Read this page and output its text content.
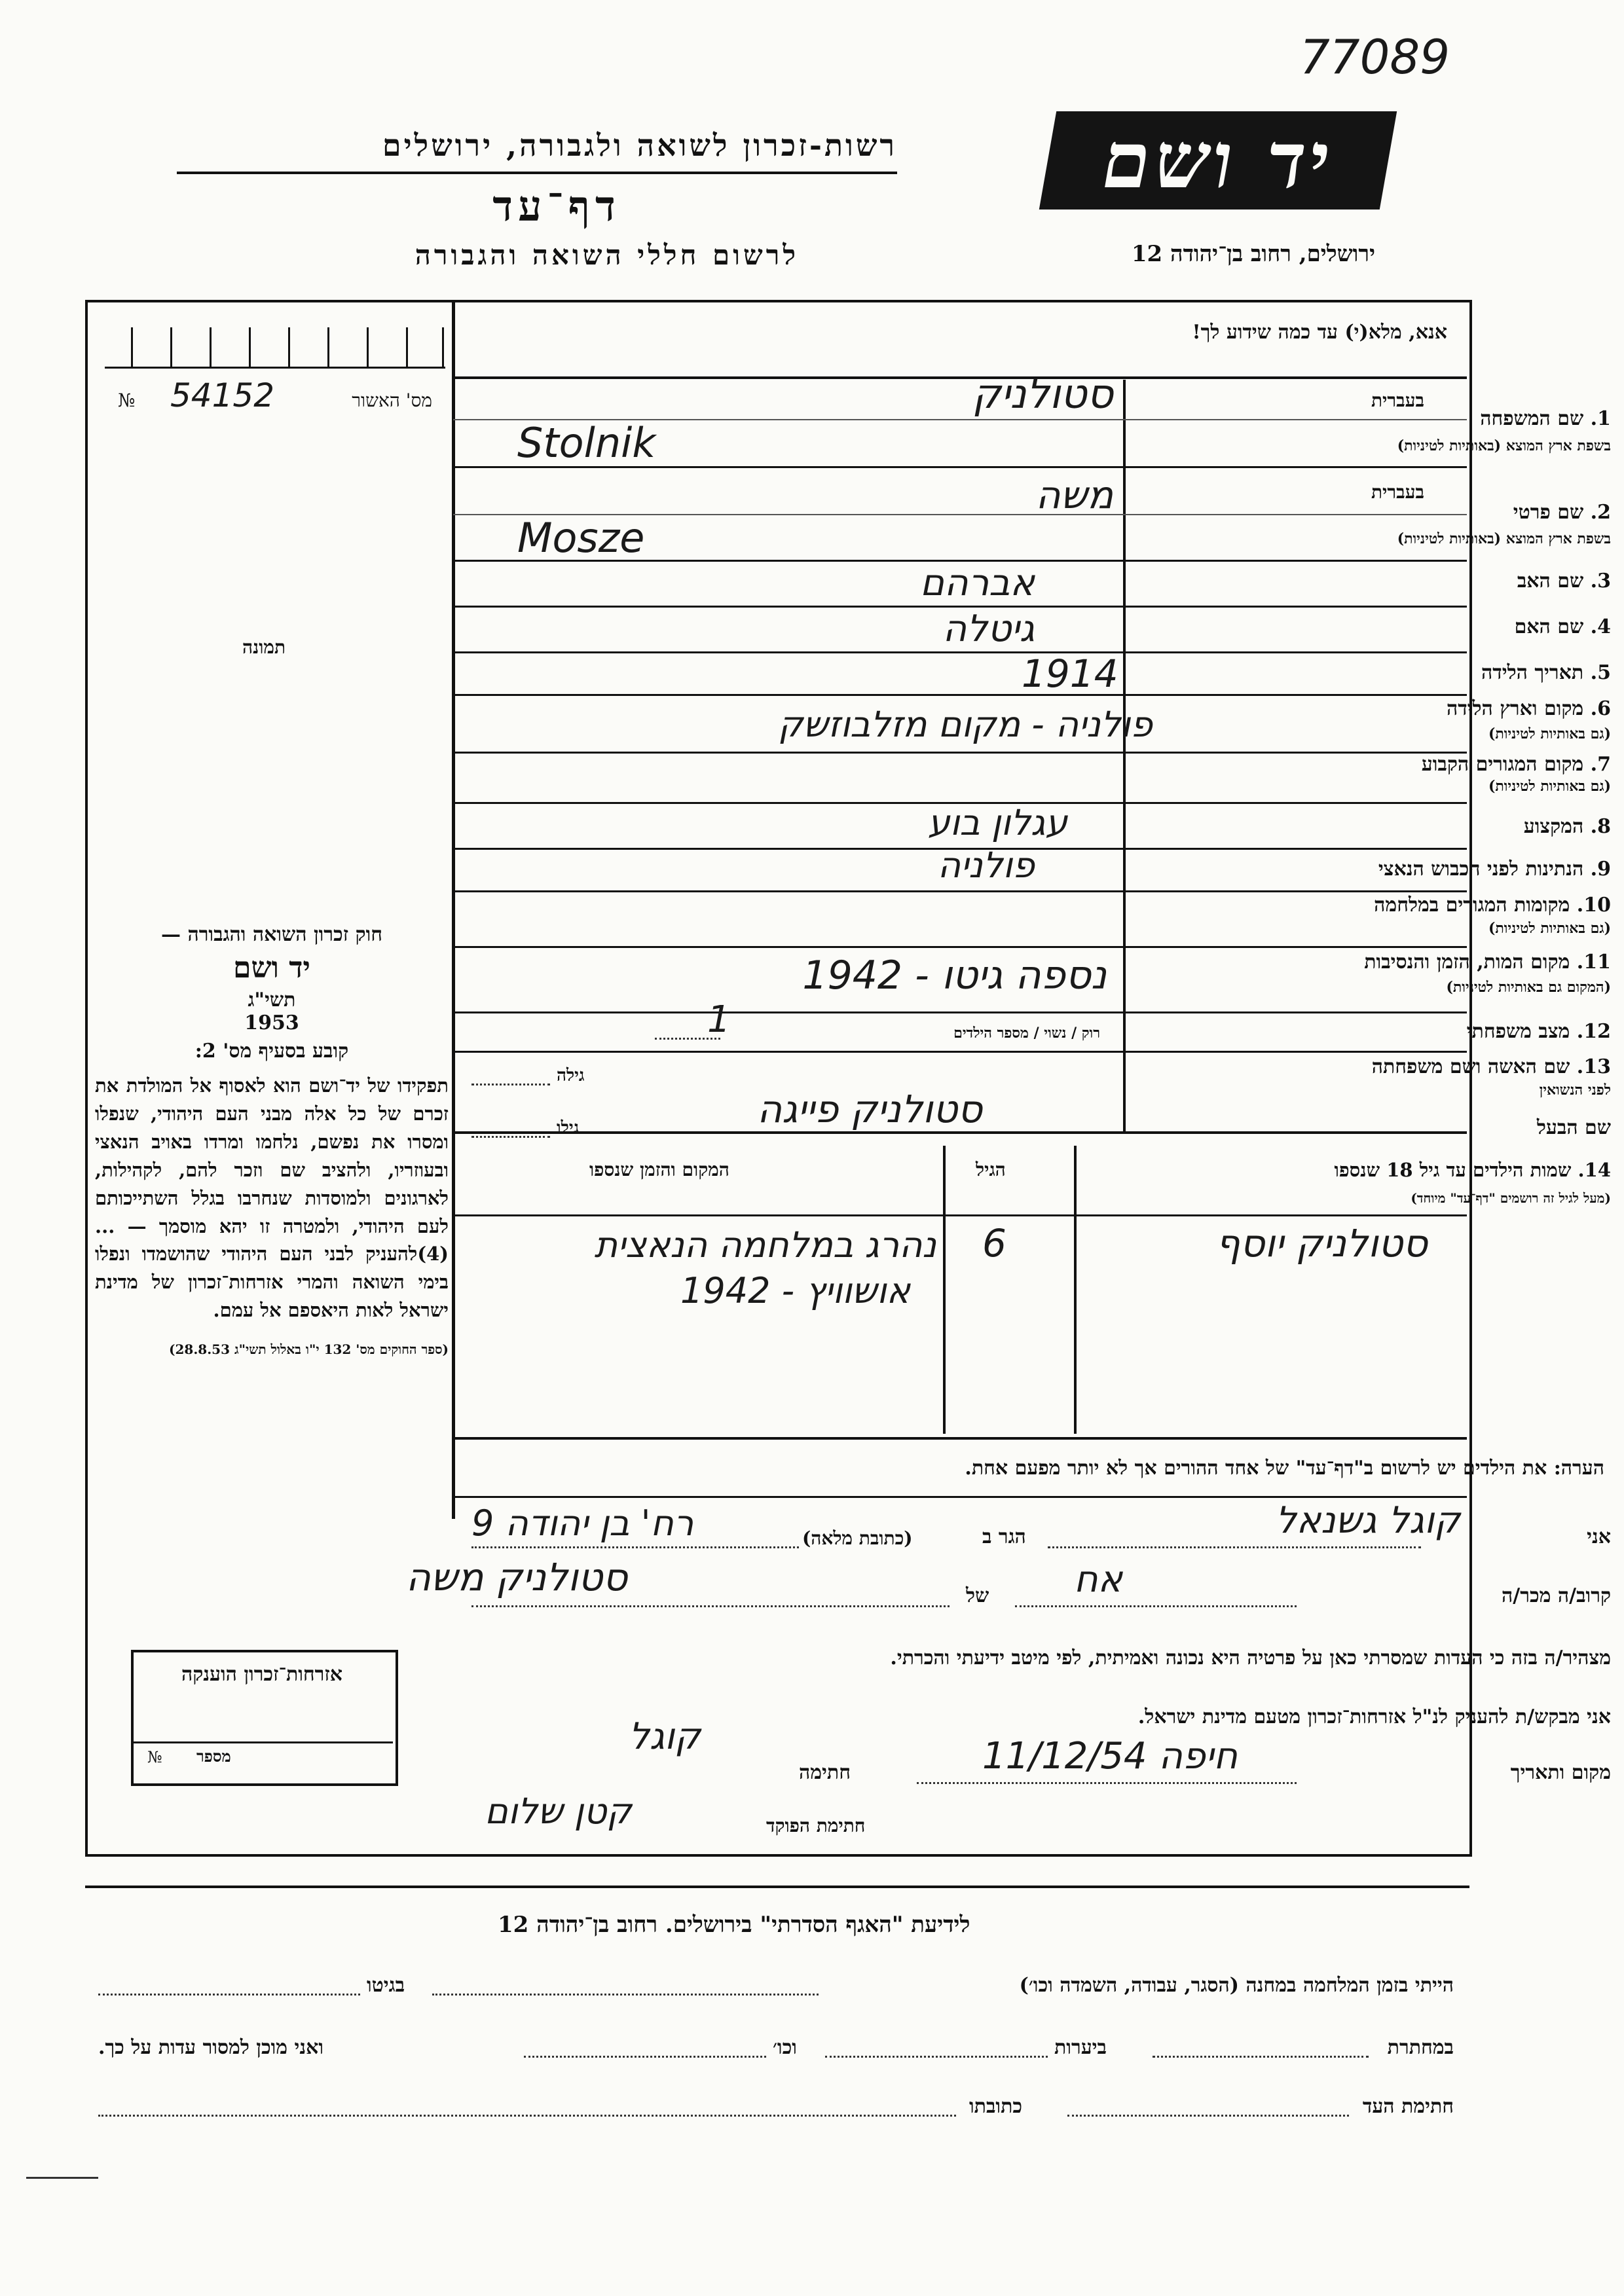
77089
רשות-זכרון לשואה ולגבורה, ירושלים
דף־עד
לרשום חללי השואה והגבורה
יד ושם
ירושלים, רחוב בן־יהודה 12
№ 54152	מס' האשור
תמונה
חוק זכרון השואה והגבורה —
יד ושם
תשי"ג
1953
קובע בסעיף מס' 2:
תפקידו של יד־ושם הוא לאסוף אל המולדת את זכרם של כל אלה מבני העם היהודי, שנפלו ומסרו את נפשם, נלחמו ומרדו באויב הנאצי ובעוזריו, ולהציב שם וזכר להם, לקהילות, לארגונים ולמוסדות שנחרבו בגלל השתייכותם לעם היהודי, ולמטרה זו יהא מוסמך — ...(4)להעניק לבני העם היהודי שהושמדו ונפלו בימי השואה והמרי אזרחות־זכרון של מדינת ישראל לאות היאספם אל עמם.
(ספר החוקים מס' 132 י"ו באלול תשי"ג 28.8.53)
אזרחות־זכרון הוענקה
מספר
№
אנא, מלא(י) עד כמה שידוע לך!
בעברית
1. שם המשפחה
בשפת ארץ המוצא (באותיות לטיניות)
סטולניק
Stolnik
בעברית
2. שם פרטי
בשפת ארץ המוצא (באותיות לטיניות)
משה
Mosze
3. שם האב
אברהם
4. שם האם
גיטלה
5. תאריך הלידה
1914
6. מקום וארץ הלידה
(גם באותיות לטיניות)
פולניה - מקום מזלבוזשק
7. מקום המגורים הקבוע
(גם באותיות לטיניות)
8. המקצוע
עגלון בוע
9. הנתינות לפני הכבוש הנאצי
פולניה
10. מקומות המגורים במלחמה
(גם באותיות לטיניות)
11. מקום המות, הזמן והנסיבות
(המקום גם באותיות לטיניות)
נספה גיטו - 1942
12. מצב משפחתי
רוק / נשוי / מספר הילדים
1
13. שם האשה ושם משפחתה
לפני הנשואין
גילה
שם הבעל
גילו	סטולניק פייגה
14. שמות הילדים עד גיל 18 שנספו
(מעל לגיל זה רושמים "דף־עד" מיוחד)
הגיל
המקום והזמן שנספו
סטולניק יוסף
6
נהרג במלחמה הנאצית
אושוויץ - 1942
הערה: את הילדים יש לרשום ב"דף־עד" של אחד ההורים אך לא יותר מפעם אחת.
אני
קוגל גשנאל
הגר ב
(כתובת מלאה)
רח' בן יהודה 9
קרוב/ה מכר/ה
אח
של
סטולניק משה
מצהיר/ה בזה כי העדות שמסרתי כאן על פרטיה היא נכונה ואמיתית, לפי מיטב ידיעתי והכרתי.
אני מבקש/ת להעניק לנ"ל אזרחות־זכרון מטעם מדינת ישראל.
מקום ותאריך
חיפה 11/12/54
חתימה
קוגל
חתימת הפוקד
קטן שלום
לידיעת "האגף הסדרתי" בירושלים. רחוב בן־יהודה 12
הייתי בזמן המלחמה במחנה (הסגר, עבודה, השמדה וכו׳)
בגיטו
במחתרת
ביערות
וכו׳
ואני מוכן למסור עדות על כך.
חתימת העד
כתובתו
